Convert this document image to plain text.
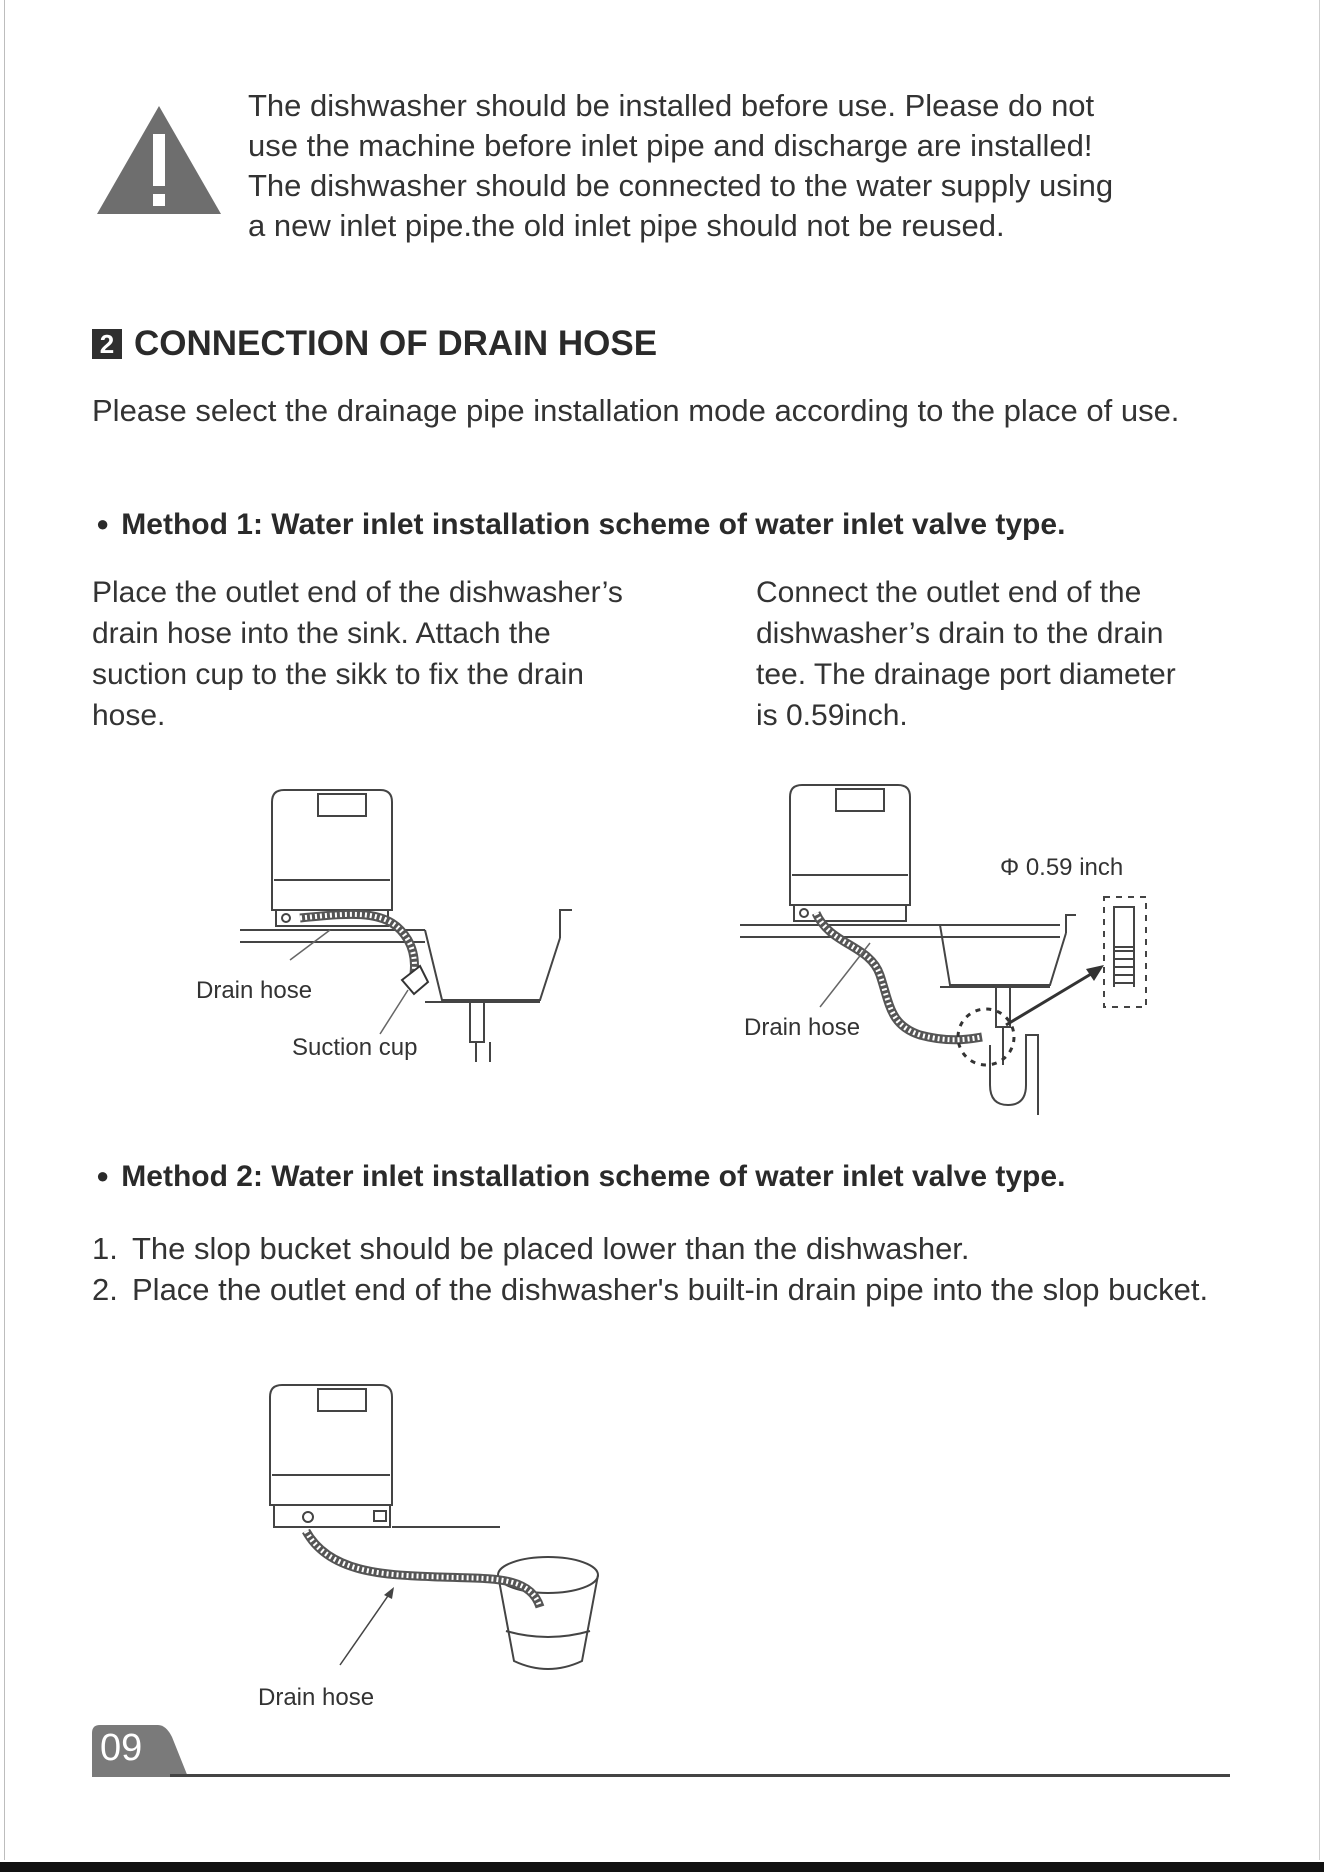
The dishwasher should be installed before use. Please do not
use the machine before inlet pipe and discharge are installed!
The dishwasher should be connected to the water supply using
a new inlet pipe.the old inlet pipe should not be reused.
2 CONNECTION OF DRAIN HOSE

Please select the drainage pipe installation mode according to the place of use.

● Method 1: Water inlet installation scheme of water inlet valve type.
Place the outlet end of the dishwasher’s
drain hose into the sink. Attach the
suction cup to the sikk to fix the drain
hose.
Connect the outlet end of the
dishwasher’s drain to the drain
tee. The drainage port diameter
is 0.59inch.
Drain hose
Suction cup
Φ 0.59 inch
Drain hose
● Method 2: Water inlet installation scheme of water inlet valve type.
1. The slop bucket should be placed lower than the dishwasher.
2. Place the outlet end of the dishwasher's built-in drain pipe into the slop bucket.
Drain hose
09
